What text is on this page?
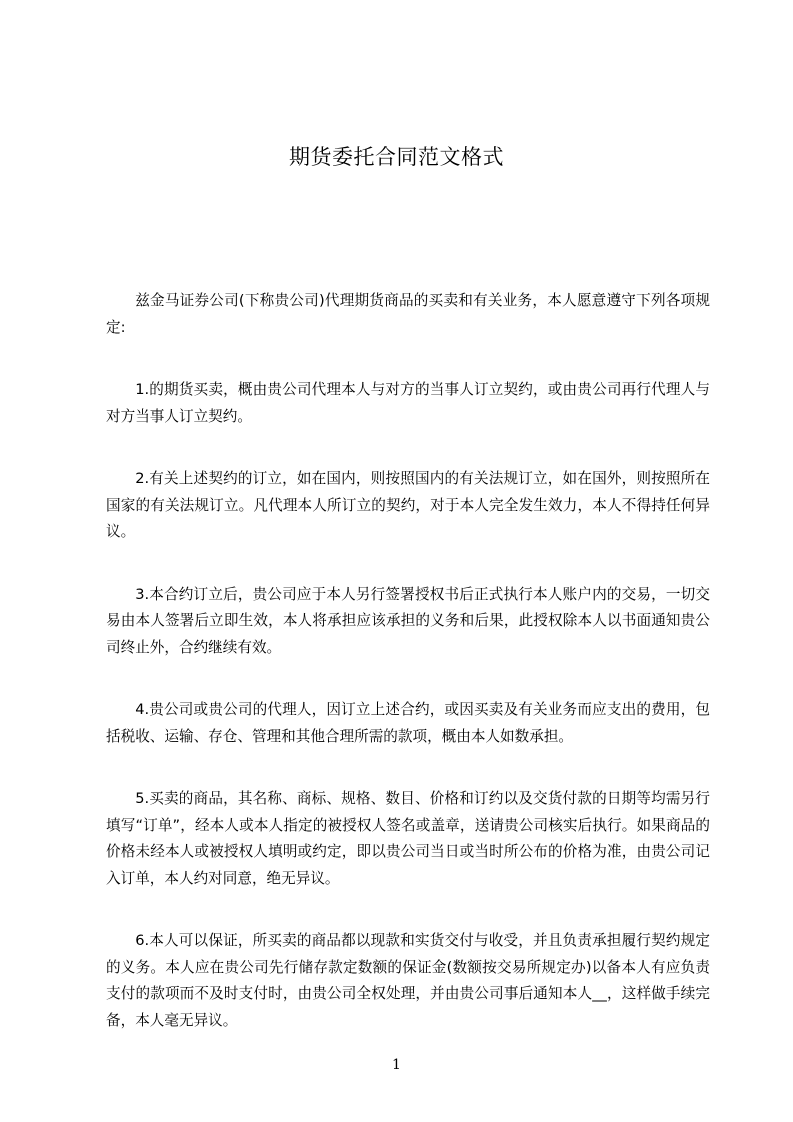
期货委托合同范文格式

兹金马证券公司(下称贵公司)代理期货商品的买卖和有关业务，本人愿意遵守下列各项规定:

1.的期货买卖，概由贵公司代理本人与对方的当事人订立契约，或由贵公司再行代理人与对方当事人订立契约。

2.有关上述契约的订立，如在国内，则按照国内的有关法规订立，如在国外，则按照所在国家的有关法规订立。凡代理本人所订立的契约，对于本人完全发生效力，本人不得持任何异议。

3.本合约订立后，贵公司应于本人另行签署授权书后正式执行本人账户内的交易，一切交易由本人签署后立即生效，本人将承担应该承担的义务和后果，此授权除本人以书面通知贵公司终止外，合约继续有效。

4.贵公司或贵公司的代理人，因订立上述合约，或因买卖及有关业务而应支出的费用，包括税收、运输、存仓、管理和其他合理所需的款项，概由本人如数承担。

5.买卖的商品，其名称、商标、规格、数目、价格和订约以及交货付款的日期等均需另行填写“订单”，经本人或本人指定的被授权人签名或盖章，送请贵公司核实后执行。如果商品的价格未经本人或被授权人填明或约定，即以贵公司当日或当时所公布的价格为准，由贵公司记入订单，本人约对同意，绝无异议。

6.本人可以保证，所买卖的商品都以现款和实货交付与收受，并且负责承担履行契约规定的义务。本人应在贵公司先行储存款定数额的保证金(数额按交易所规定办)以备本人有应负责支付的款项而不及时支付时，由贵公司全权处理，并由贵公司事后通知本人__，这样做手续完备，本人毫无异议。

1
